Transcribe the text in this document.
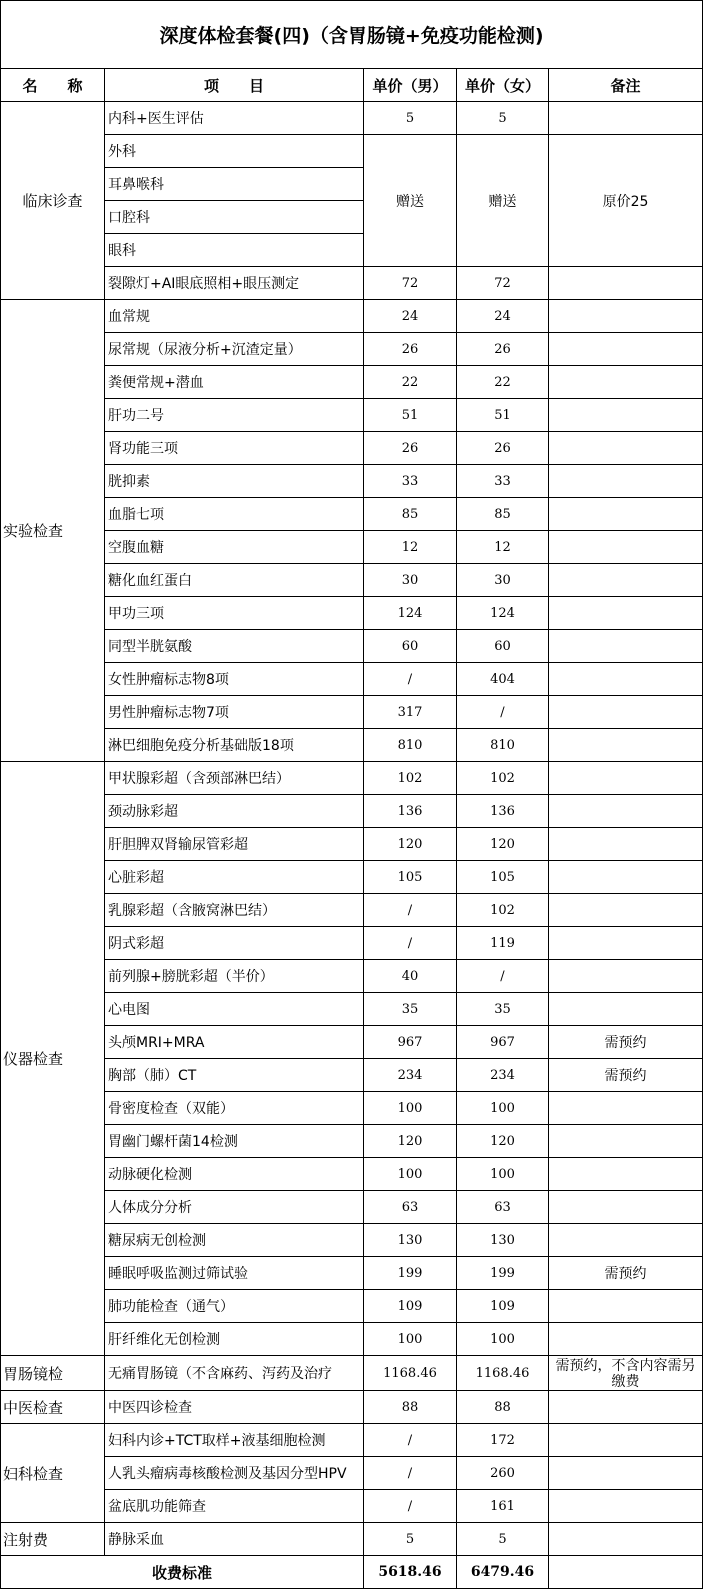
深度体检套餐(四)（含胃肠镜+免疫功能检测)				
名　　称	项　　目	单价（男）	单价（女）	备注
临床诊查	内科+医生评估	5	5	
	外科	赠送	赠送	原价25
	耳鼻喉科			
	口腔科			
	眼科			
	裂隙灯+AI眼底照相+眼压测定	72	72	
实验检查	血常规	24	24	
	尿常规（尿液分析+沉渣定量）	26	26	
	粪便常规+潜血	22	22	
	肝功二号	51	51	
	肾功能三项	26	26	
	胱抑素	33	33	
	血脂七项	85	85	
	空腹血糖	12	12	
	糖化血红蛋白	30	30	
	甲功三项	124	124	
	同型半胱氨酸	60	60	
	女性肿瘤标志物8项	/	404	
	男性肿瘤标志物7项	317	/	
	淋巴细胞免疫分析基础版18项	810	810	
仪器检查	甲状腺彩超（含颈部淋巴结）	102	102	
	颈动脉彩超	136	136	
	肝胆脾双肾输尿管彩超	120	120	
	心脏彩超	105	105	
	乳腺彩超（含腋窝淋巴结）	/	102	
	阴式彩超	/	119	
	前列腺+膀胱彩超（半价）	40	/	
	心电图	35	35	
	头颅MRI+MRA	967	967	需预约
	胸部（肺）CT	234	234	需预约
	骨密度检查（双能）	100	100	
	胃幽门螺杆菌14检测	120	120	
	动脉硬化检测	100	100	
	人体成分分析	63	63	
	糖尿病无创检测	130	130	
	睡眠呼吸监测过筛试验	199	199	需预约
	肺功能检查（通气）	109	109	
	肝纤维化无创检测	100	100	
胃肠镜检	无痛胃肠镜（不含麻药、泻药及治疗	1168.46	1168.46	需预约，不含内容需另缴费
中医检查	中医四诊检查	88	88	
妇科检查	妇科内诊+TCT取样+液基细胞检测	/	172	
	人乳头瘤病毒核酸检测及基因分型HPV	/	260	
	盆底肌功能筛查	/	161	
注射费	静脉采血	5	5	
收费标准		5618.46	6479.46	
